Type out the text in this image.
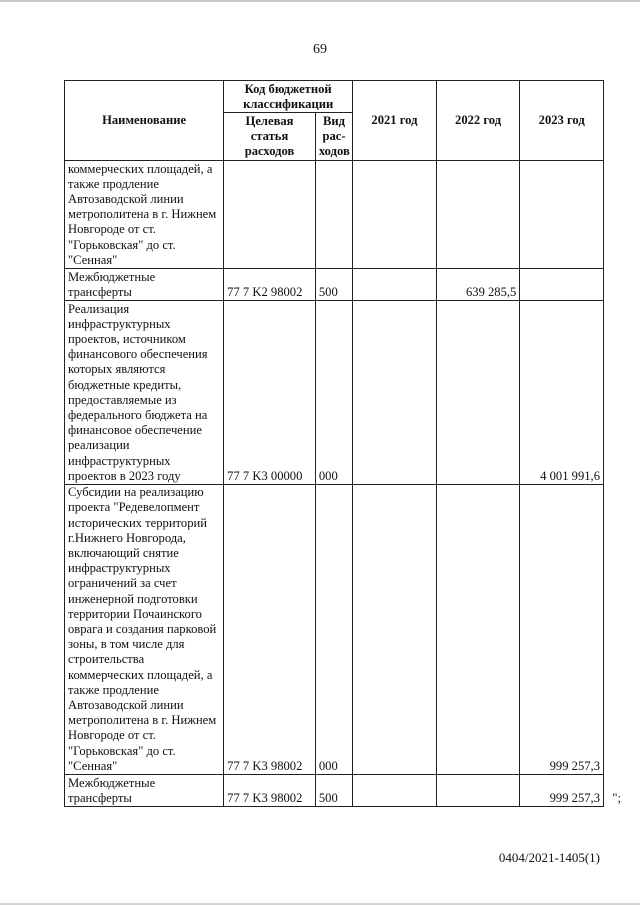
69
Наименование	Код бюджетной классификации		2021 год	2022 год	2023 год
	Целевая статья расходов	Вид рас-ходов			
коммерческих площадей, а также продление Автозаводской линии метрополитена в г. Нижнем Новгороде от ст. "Горьковская" до ст. "Сенная"					
Межбюджетные трансферты	77 7 K2 98002	500		639 285,5	
Реализация инфраструктурных проектов, источником финансового обеспечения которых являются бюджетные кредиты, предоставляемые из федерального бюджета на финансовое обеспечение реализации инфраструктурных проектов в 2023 году	77 7 K3 00000	000			4 001 991,6
Субсидии на реализацию проекта "Редевелопмент исторических территорий г.Нижнего Новгорода, включающий снятие инфраструктурных ограничений за счет инженерной подготовки территории Почаинского оврага и создания парковой зоны, в том числе для строительства коммерческих площадей, а также продление Автозаводской линии метрополитена в г. Нижнем Новгороде от ст. "Горьковская" до ст. "Сенная"	77 7 K3 98002	000			999 257,3
Межбюджетные трансферты	77 7 K3 98002	500			999 257,3 ";
0404/2021-1405(1)
